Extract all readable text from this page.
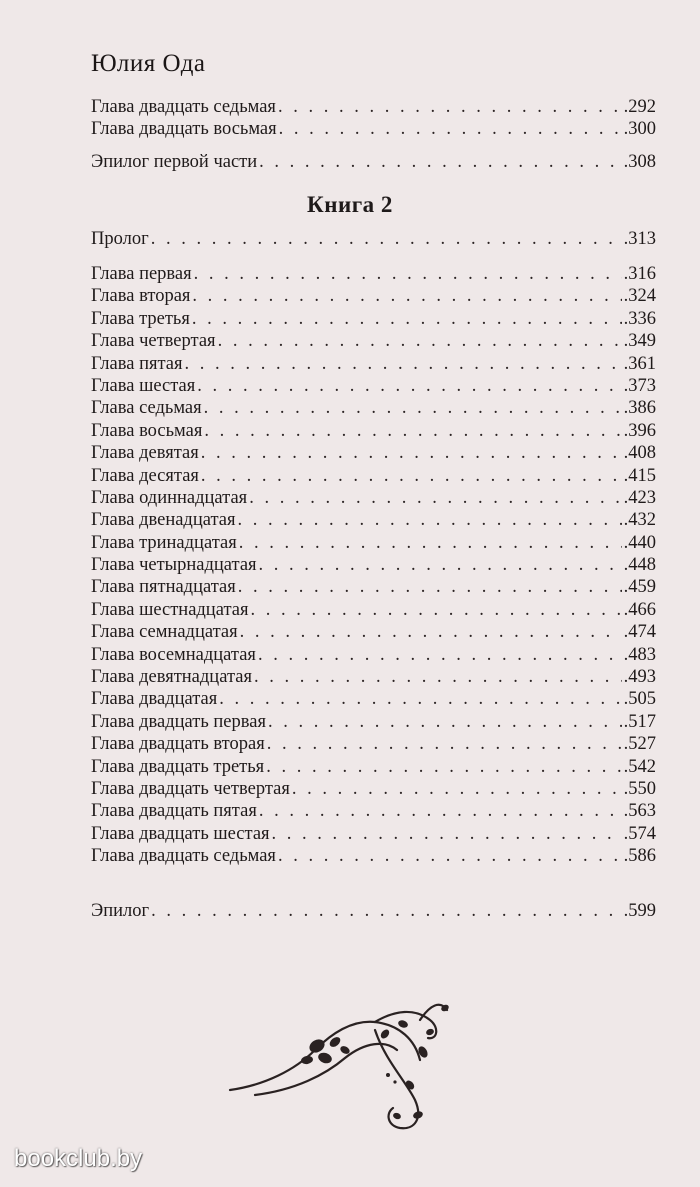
Юлия Ода
Глава двадцать седьмая . . .	.292
Глава двадцать восьмая . . .	.300
Эпилог первой части . . .	.308
Книга 2
Пролог . . .	.313
Глава первая . . .	.316
Глава вторая . . .	.324
Глава третья . . .	.336
Глава четвертая . . .	.349
Глава пятая . . .	.361
Глава шестая . . .	.373
Глава седьмая . . .	.386
Глава восьмая . . .	.396
Глава девятая . . .	.408
Глава десятая . . .	.415
Глава одиннадцатая . . .	.423
Глава двенадцатая . . .	.432
Глава тринадцатая . . .	.440
Глава четырнадцатая . . .	.448
Глава пятнадцатая . . .	.459
Глава шестнадцатая . . .	.466
Глава семнадцатая . . .	.474
Глава восемнадцатая . . .	.483
Глава девятнадцатая . . .	.493
Глава двадцатая . . .	.505
Глава двадцать первая . . .	.517
Глава двадцать вторая . . .	.527
Глава двадцать третья . . .	.542
Глава двадцать четвертая . . .	.550
Глава двадцать пятая . . .	.563
Глава двадцать шестая . . .	.574
Глава двадцать седьмая . . .	.586
Эпилог . . .	.599
bookclub.by
